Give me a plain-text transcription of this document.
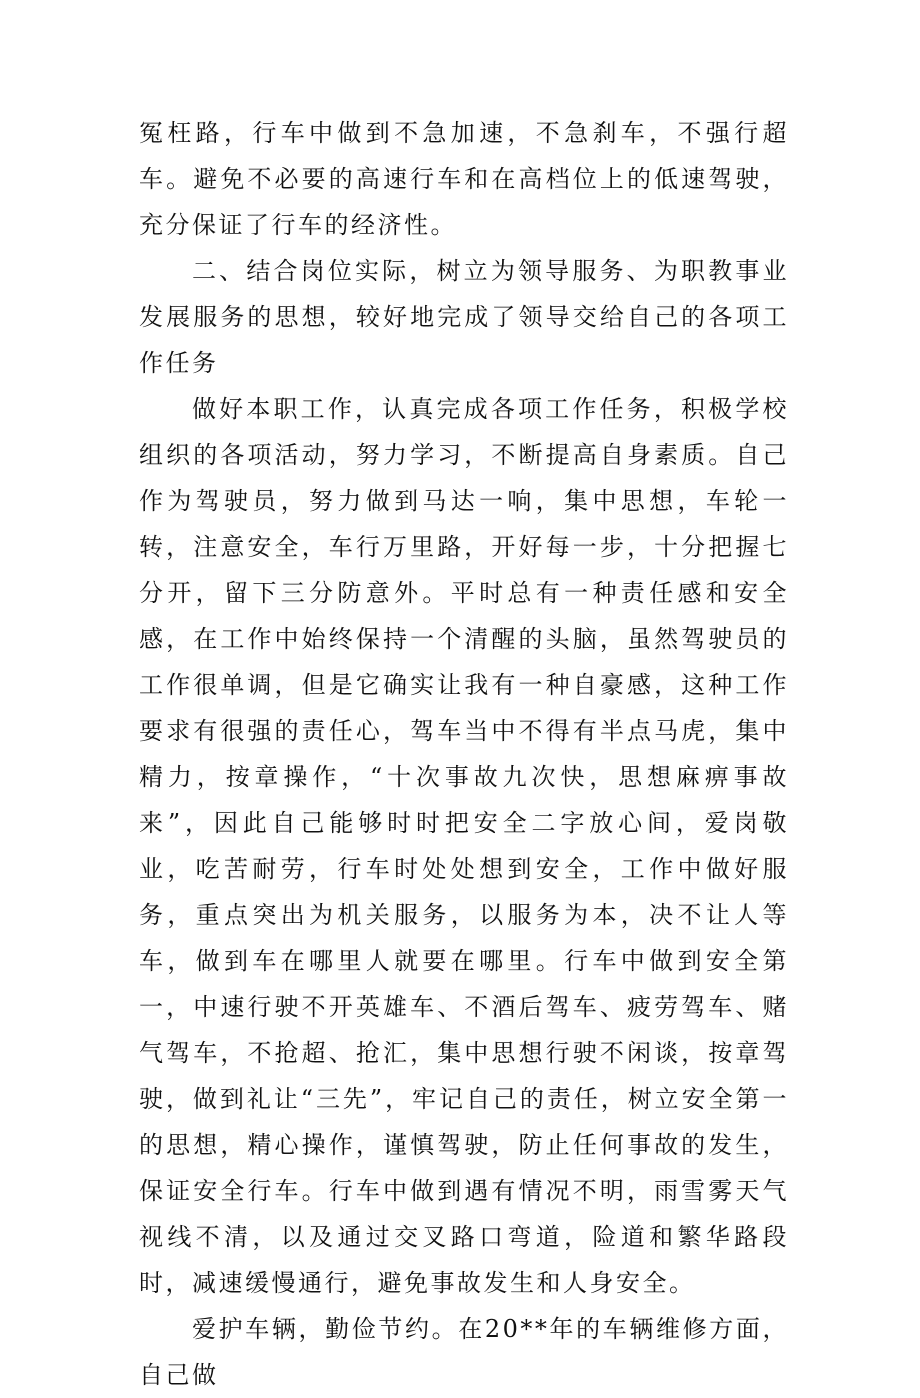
冤枉路，行车中做到不急加速，不急刹车，不强行超车。避免不必要的高速行车和在高档位上的低速驾驶，充分保证了行车的经济性。

二、结合岗位实际，树立为领导服务、为职教事业发展服务的思想，较好地完成了领导交给自己的各项工作任务

做好本职工作，认真完成各项工作任务，积极学校组织的各项活动，努力学习，不断提高自身素质。自己作为驾驶员，努力做到马达一响，集中思想，车轮一转，注意安全，车行万里路，开好每一步，十分把握七分开，留下三分防意外。平时总有一种责任感和安全感，在工作中始终保持一个清醒的头脑，虽然驾驶员的工作很单调，但是它确实让我有一种自豪感，这种工作要求有很强的责任心，驾车当中不得有半点马虎，集中精力，按章操作，“十次事故九次快，思想麻痹事故来”，因此自己能够时时把安全二字放心间，爱岗敬业，吃苦耐劳，行车时处处想到安全，工作中做好服务，重点突出为机关服务，以服务为本，决不让人等车，做到车在哪里人就要在哪里。行车中做到安全第一，中速行驶不开英雄车、不酒后驾车、疲劳驾车、赌气驾车，不抢超、抢汇，集中思想行驶不闲谈，按章驾驶，做到礼让“三先”，牢记自己的责任，树立安全第一的思想，精心操作，谨慎驾驶，防止任何事故的发生，保证安全行车。行车中做到遇有情况不明，雨雪雾天气视线不清，以及通过交叉路口弯道，险道和繁华路段时，减速缓慢通行，避免事故发生和人身安全。

爱护车辆，勤俭节约。在20**年的车辆维修方面，自己做
